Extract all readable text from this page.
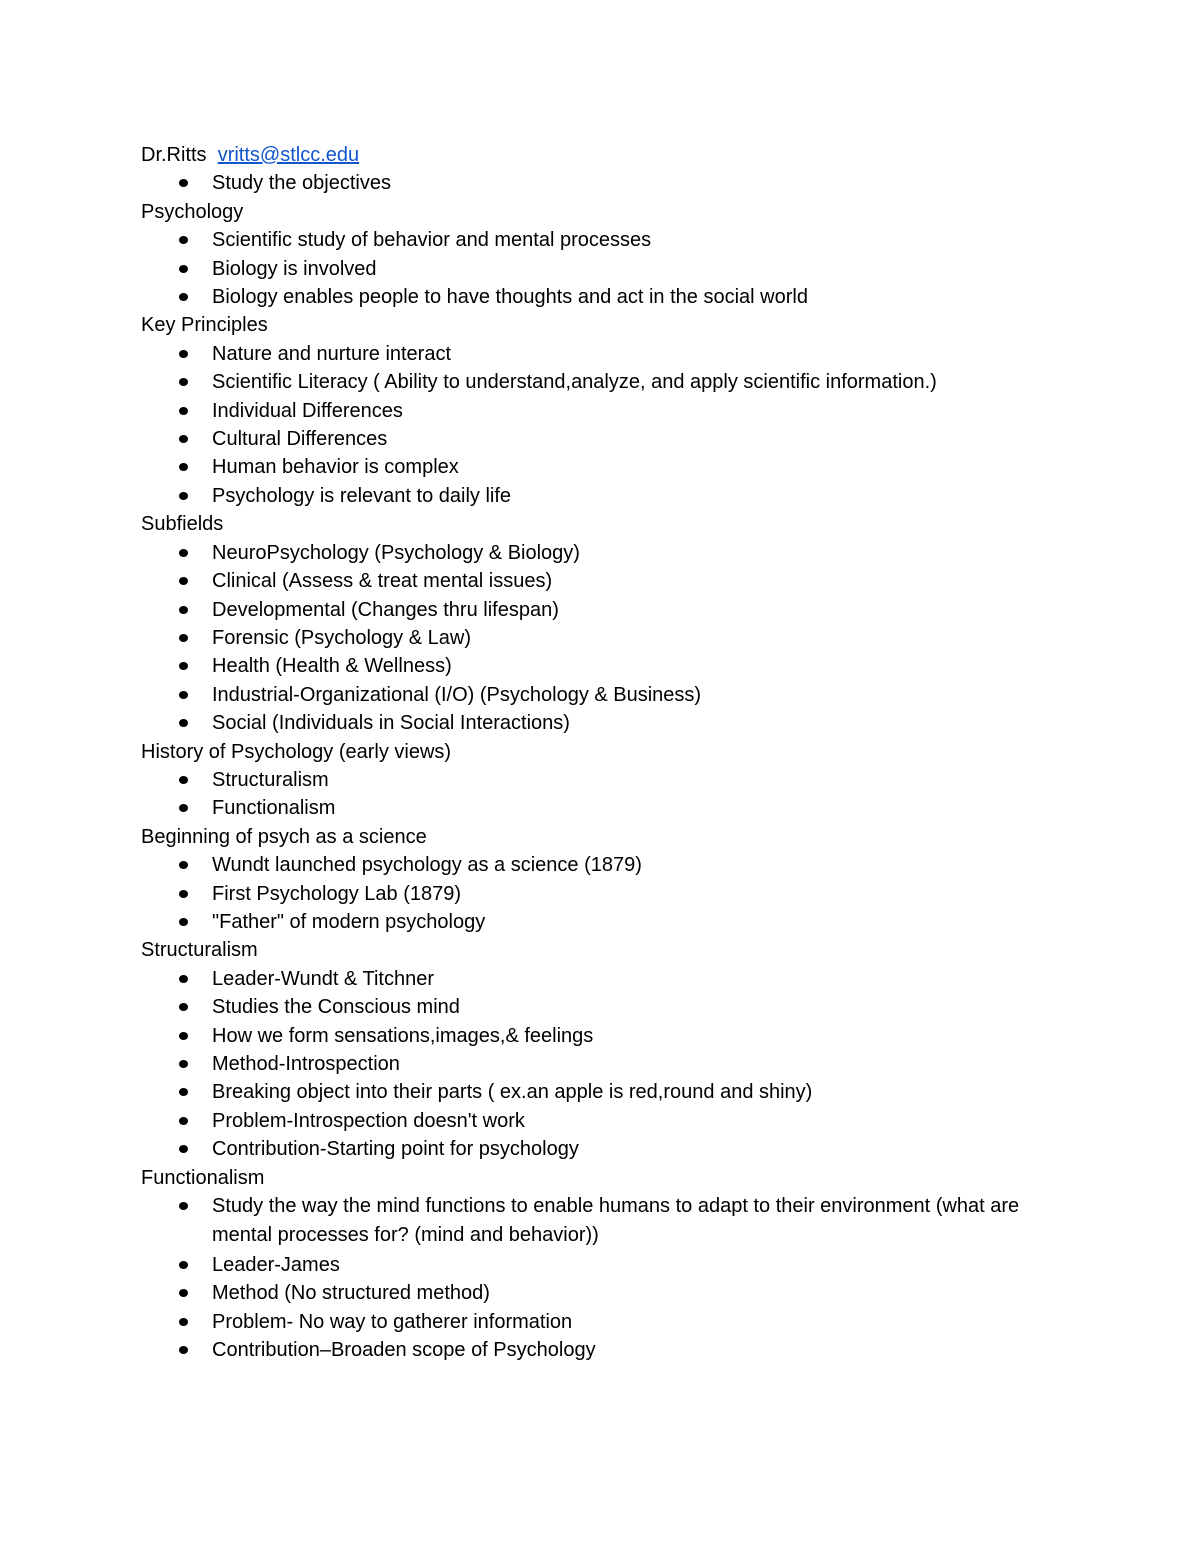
Dr.Ritts vritts@stlcc.edu

Study the objectives

Psychology

Scientific study of behavior and mental processes
Biology is involved
Biology enables people to have thoughts and act in the social world

Key Principles

Nature and nurture interact
Scientific Literacy ( Ability to understand,analyze, and apply scientific information.)
Individual Differences
Cultural Differences
Human behavior is complex
Psychology is relevant to daily life

Subfields

NeuroPsychology (Psychology & Biology)
Clinical (Assess & treat mental issues)
Developmental (Changes thru lifespan)
Forensic (Psychology & Law)
Health (Health & Wellness)
Industrial-Organizational (I/O) (Psychology & Business)
Social (Individuals in Social Interactions)

History of Psychology (early views)

Structuralism
Functionalism

Beginning of psych as a science

Wundt launched psychology as a science (1879)
First Psychology Lab (1879)
"Father" of modern psychology

Structuralism

Leader-Wundt & Titchner
Studies the Conscious mind
How we form sensations,images,& feelings
Method-Introspection
Breaking object into their parts ( ex.an apple is red,round and shiny)
Problem-Introspection doesn't work
Contribution-Starting point for psychology

Functionalism

Study the way the mind functions to enable humans to adapt to their environment (what are mental processes for? (mind and behavior))
Leader-James
Method (No structured method)
Problem- No way to gatherer information
Contribution–Broaden scope of Psychology
